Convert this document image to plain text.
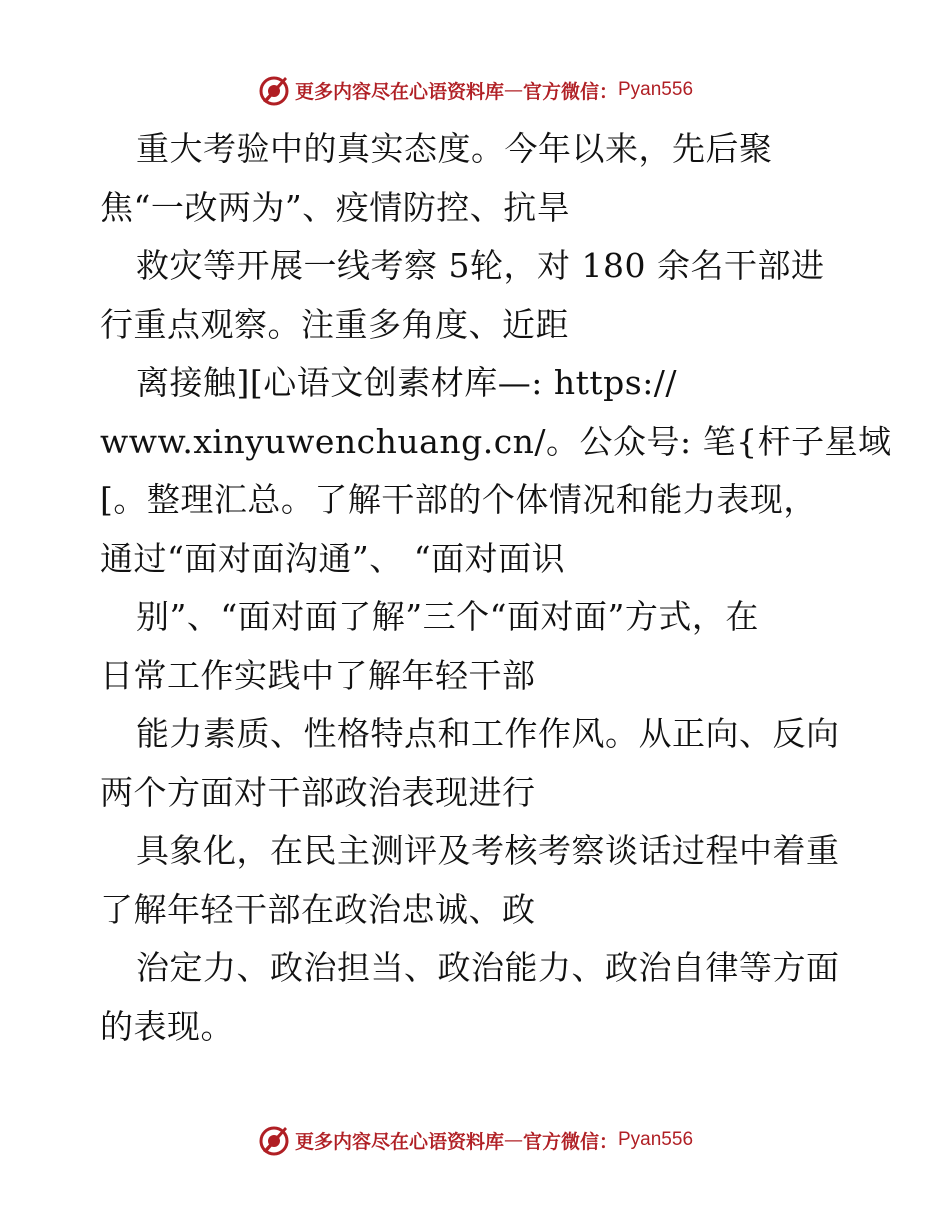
更多内容尽在心语资料库 — 官方微信： Pyan556
重大考验中的真实态度。今年以来，先后聚
焦“一改两为”、疫情防控、抗旱
救灾等开展一线考察 5轮，对 180 余名干部进
行重点观察。注重多角度、近距
离接触][心语文创素材库—: https://
www.xinyuwenchuang.cn/。公众号: 笔{杆子星域
[。整理汇总。了解干部的个体情况和能力表现，
通过“面对面沟通”、 “面对面识
别”、“面对面了解”三个“面对面”方式，在
日常工作实践中了解年轻干部
能力素质、性格特点和工作作风。从正向、反向
两个方面对干部政治表现进行
具象化，在民主测评及考核考察谈话过程中着重
了解年轻干部在政治忠诚、政
治定力、政治担当、政治能力、政治自律等方面
的表现。
更多内容尽在心语资料库 — 官方微信： Pyan556
